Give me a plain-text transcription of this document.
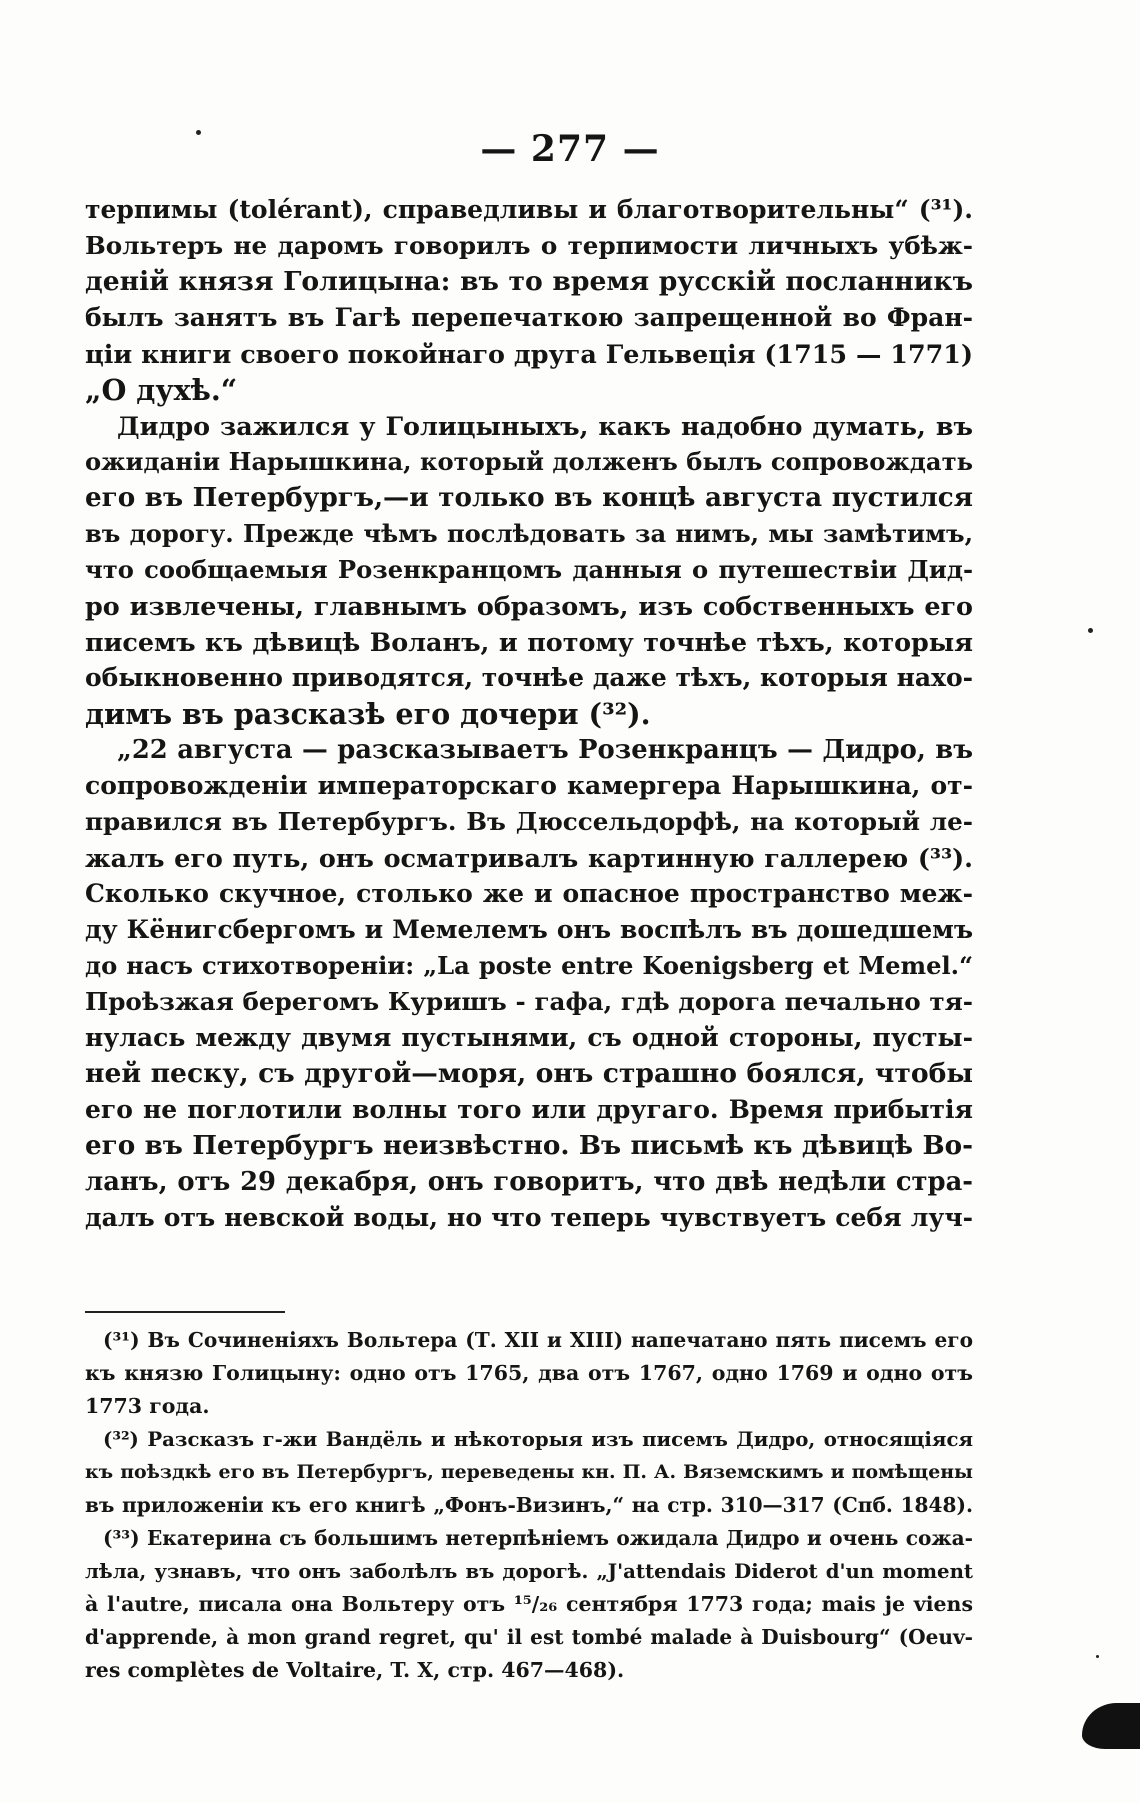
— 277 —
терпимы (tolérant), справедливы и благотворительны“ (³¹).
Вольтеръ не даромъ говорилъ о терпимости личныхъ убѣж-
деній князя Голицына: въ то время русскій посланникъ
былъ занятъ въ Гагѣ перепечаткою запрещенной во Фран-
ціи книги своего покойнаго друга Гельвеція (1715 — 1771)
„О духѣ.“
Дидро зажился у Голицыныхъ, какъ надобно думать, въ
ожиданіи Нарышкина, который долженъ былъ сопровождать
его въ Петербургъ,—и только въ концѣ августа пустился
въ дорогу. Прежде чѣмъ послѣдовать за нимъ, мы замѣтимъ,
что сообщаемыя Розенкранцомъ данныя о путешествіи Дид-
ро извлечены, главнымъ образомъ, изъ собственныхъ его
писемъ къ дѣвицѣ Воланъ, и потому точнѣе тѣхъ, которыя
обыкновенно приводятся, точнѣе даже тѣхъ, которыя нахо-
димъ въ разсказѣ его дочери (³²).
„22 августа — разсказываетъ Розенкранцъ — Дидро, въ
сопровожденіи императорскаго камергера Нарышкина, от-
правился въ Петербургъ. Въ Дюссельдорфѣ, на который ле-
жалъ его путь, онъ осматривалъ картинную галлерею (³³).
Сколько скучное, столько же и опасное пространство меж-
ду Кёнигсбергомъ и Мемелемъ онъ воспѣлъ въ дошедшемъ
до насъ стихотвореніи: „La poste entre Koenigsberg et Memel.“
Проѣзжая берегомъ Куришъ - гафа, гдѣ дорога печально тя-
нулась между двумя пустынями, съ одной стороны, пусты-
ней песку, съ другой—моря, онъ страшно боялся, чтобы
его не поглотили волны того или другаго. Время прибытія
его въ Петербургъ неизвѣстно. Въ письмѣ къ дѣвицѣ Во-
ланъ, отъ 29 декабря, онъ говоритъ, что двѣ недѣли стра-
далъ отъ невской воды, но что теперь чувствуетъ себя луч-
(³¹) Въ Сочиненіяхъ Вольтера (Т. XII и XIII) напечатано пять писемъ его
къ князю Голицыну: одно отъ 1765, два отъ 1767, одно 1769 и одно отъ
1773 года.
(³²) Разсказъ г-жи Вандёль и нѣкоторыя изъ писемъ Дидро, относящіяся
къ поѣздкѣ его въ Петербургъ, переведены кн. П. А. Вяземскимъ и помѣщены
въ приложеніи къ его книгѣ „Фонъ-Визинъ,“ на стр. 310—317 (Спб. 1848).
(³³) Екатерина съ большимъ нетерпѣніемъ ожидала Дидро и очень сожа-
лѣла, узнавъ, что онъ заболѣлъ въ дорогѣ. „J'attendais Diderot d'un moment
à l'autre, писала она Вольтеру отъ ¹⁵/₂₆ сентября 1773 года; mais je viens
d'apprende, à mon grand regret, qu' il est tombé malade à Duisbourg“ (Oeuv-
res complètes de Voltaire, T. X, стр. 467—468).
